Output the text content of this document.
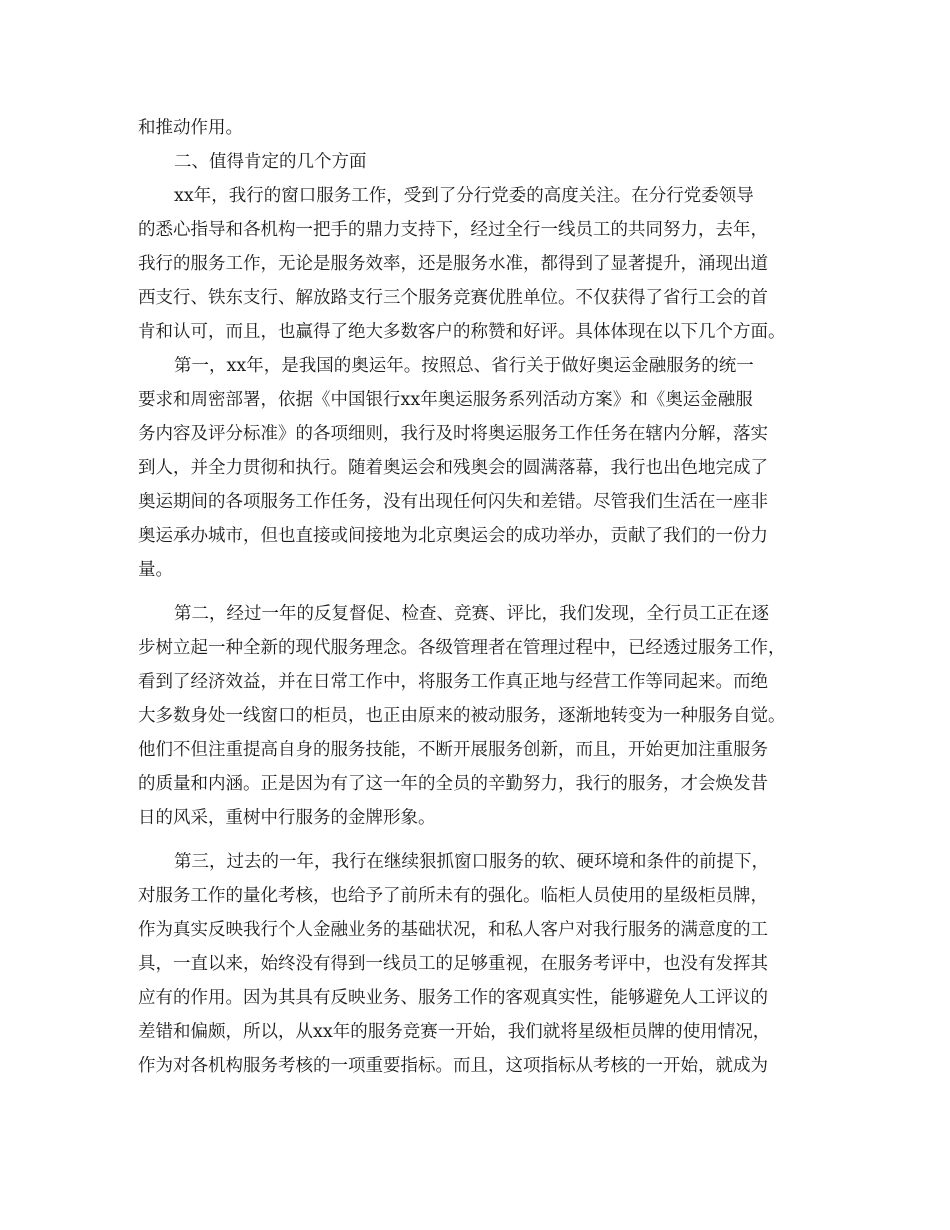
和推动作用。
二、值得肯定的几个方面
xx年，我行的窗口服务工作，受到了分行党委的高度关注。在分行党委领导
的悉心指导和各机构一把手的鼎力支持下，经过全行一线员工的共同努力，去年，
我行的服务工作，无论是服务效率，还是服务水准，都得到了显著提升，涌现出道
西支行、铁东支行、解放路支行三个服务竞赛优胜单位。不仅获得了省行工会的首
肯和认可，而且，也赢得了绝大多数客户的称赞和好评。具体体现在以下几个方面。
第一，xx年，是我国的奥运年。按照总、省行关于做好奥运金融服务的统一
要求和周密部署，依据《中国银行xx年奥运服务系列活动方案》和《奥运金融服
务内容及评分标准》的各项细则，我行及时将奥运服务工作任务在辖内分解，落实
到人，并全力贯彻和执行。随着奥运会和残奥会的圆满落幕，我行也出色地完成了
奥运期间的各项服务工作任务，没有出现任何闪失和差错。尽管我们生活在一座非
奥运承办城市，但也直接或间接地为北京奥运会的成功举办，贡献了我们的一份力
量。
第二，经过一年的反复督促、检查、竞赛、评比，我们发现，全行员工正在逐
步树立起一种全新的现代服务理念。各级管理者在管理过程中，已经透过服务工作，
看到了经济效益，并在日常工作中，将服务工作真正地与经营工作等同起来。而绝
大多数身处一线窗口的柜员，也正由原来的被动服务，逐渐地转变为一种服务自觉。
他们不但注重提高自身的服务技能，不断开展服务创新，而且，开始更加注重服务
的质量和内涵。正是因为有了这一年的全员的辛勤努力，我行的服务，才会焕发昔
日的风采，重树中行服务的金牌形象。
第三，过去的一年，我行在继续狠抓窗口服务的软、硬环境和条件的前提下，
对服务工作的量化考核，也给予了前所未有的强化。临柜人员使用的星级柜员牌，
作为真实反映我行个人金融业务的基础状况，和私人客户对我行服务的满意度的工
具，一直以来，始终没有得到一线员工的足够重视，在服务考评中，也没有发挥其
应有的作用。因为其具有反映业务、服务工作的客观真实性，能够避免人工评议的
差错和偏颇，所以，从xx年的服务竞赛一开始，我们就将星级柜员牌的使用情况，
作为对各机构服务考核的一项重要指标。而且，这项指标从考核的一开始，就成为
